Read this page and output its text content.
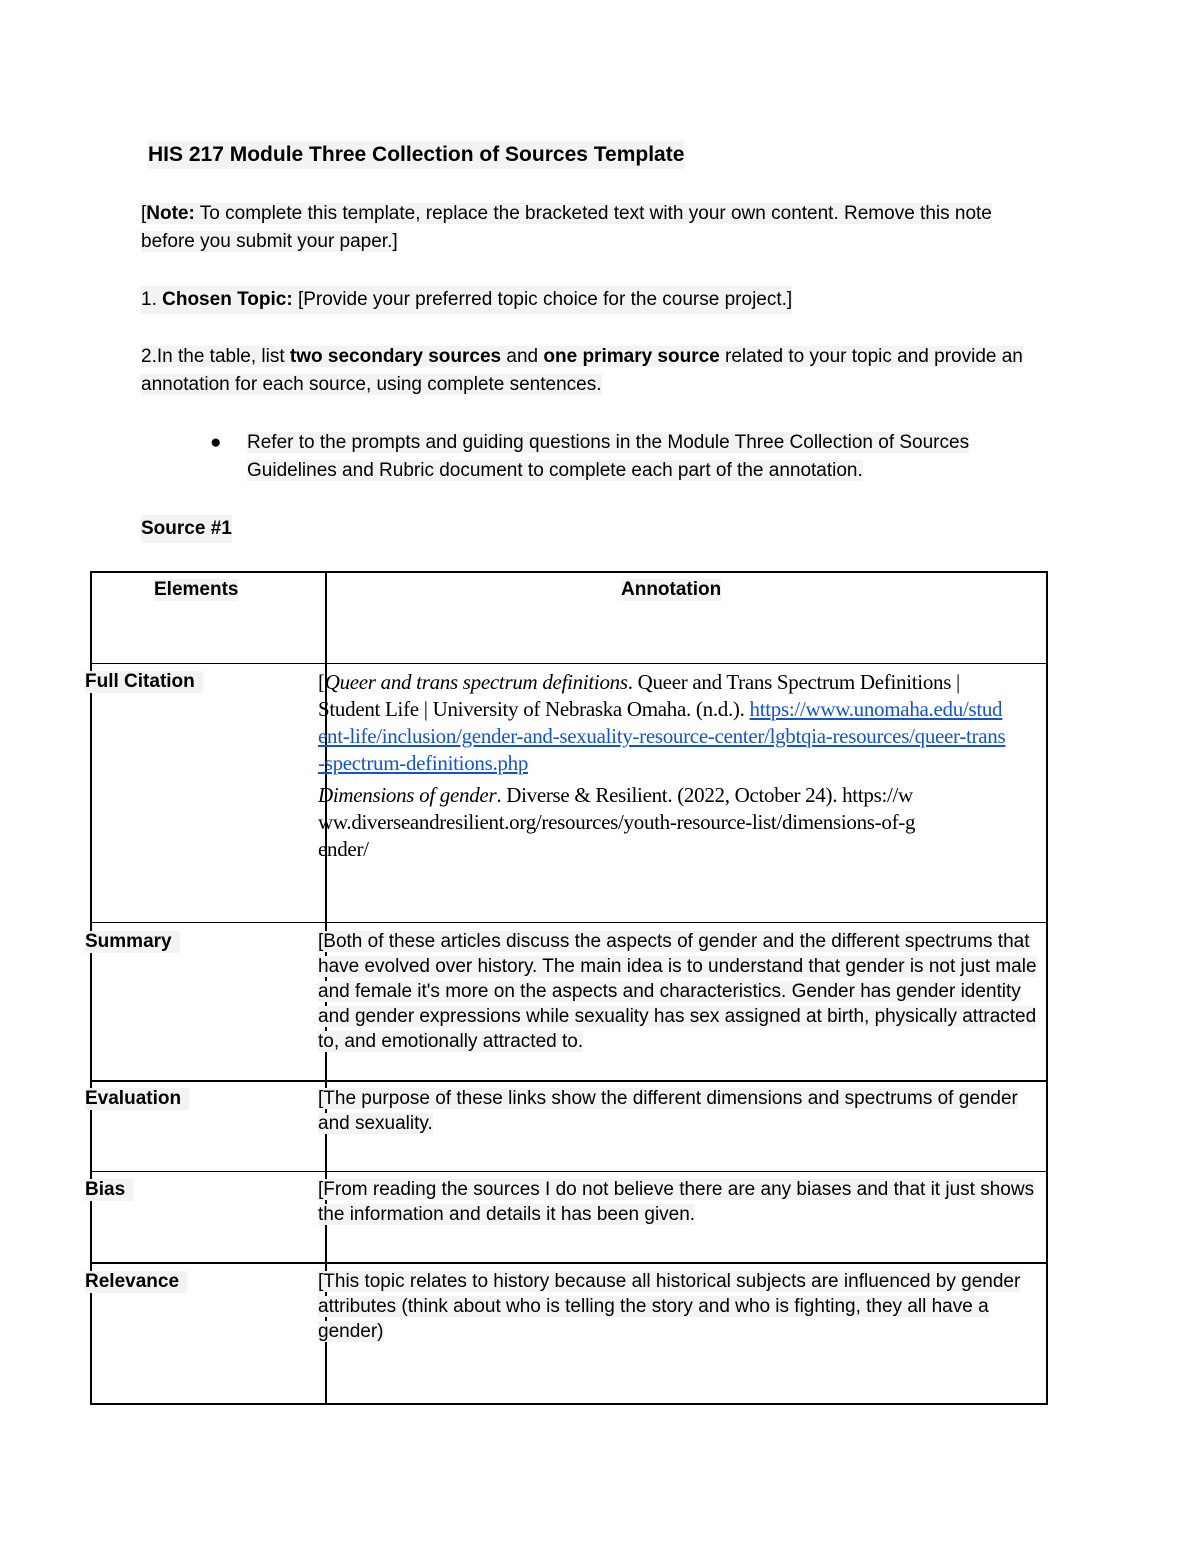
HIS 217 Module Three Collection of Sources Template
[Note: To complete this template, replace the bracketed text with your own content. Remove this note before you submit your paper.]
1. Chosen Topic: [Provide your preferred topic choice for the course project.]
2.In the table, list two secondary sources and one primary source related to your topic and provide an annotation for each source, using complete sentences.
● Refer to the prompts and guiding questions in the Module Three Collection of Sources Guidelines and Rubric document to complete each part of the annotation.
Source #1
Elements	Annotation
Full Citation	[Queer and trans spectrum definitions. Queer and Trans Spectrum Definitions | Student Life | University of Nebraska Omaha. (n.d.). https://www.unomaha.edu/student-life/inclusion/gender-and-sexuality-resource-center/lgbtqia-resources/queer-trans-spectrum-definitions.php
Dimensions of gender. Diverse & Resilient. (2022, October 24). https://www.diverseandresilient.org/resources/youth-resource-list/dimensions-of-gender/
Summary	[Both of these articles discuss the aspects of gender and the different spectrums that have evolved over history. The main idea is to understand that gender is not just male and female it's more on the aspects and characteristics. Gender has gender identity and gender expressions while sexuality has sex assigned at birth, physically attracted to, and emotionally attracted to.
Evaluation	[The purpose of these links show the different dimensions and spectrums of gender and sexuality.
Bias	[From reading the sources I do not believe there are any biases and that it just shows the information and details it has been given.
Relevance	[This topic relates to history because all historical subjects are influenced by gender attributes (think about who is telling the story and who is fighting, they all have a gender)
